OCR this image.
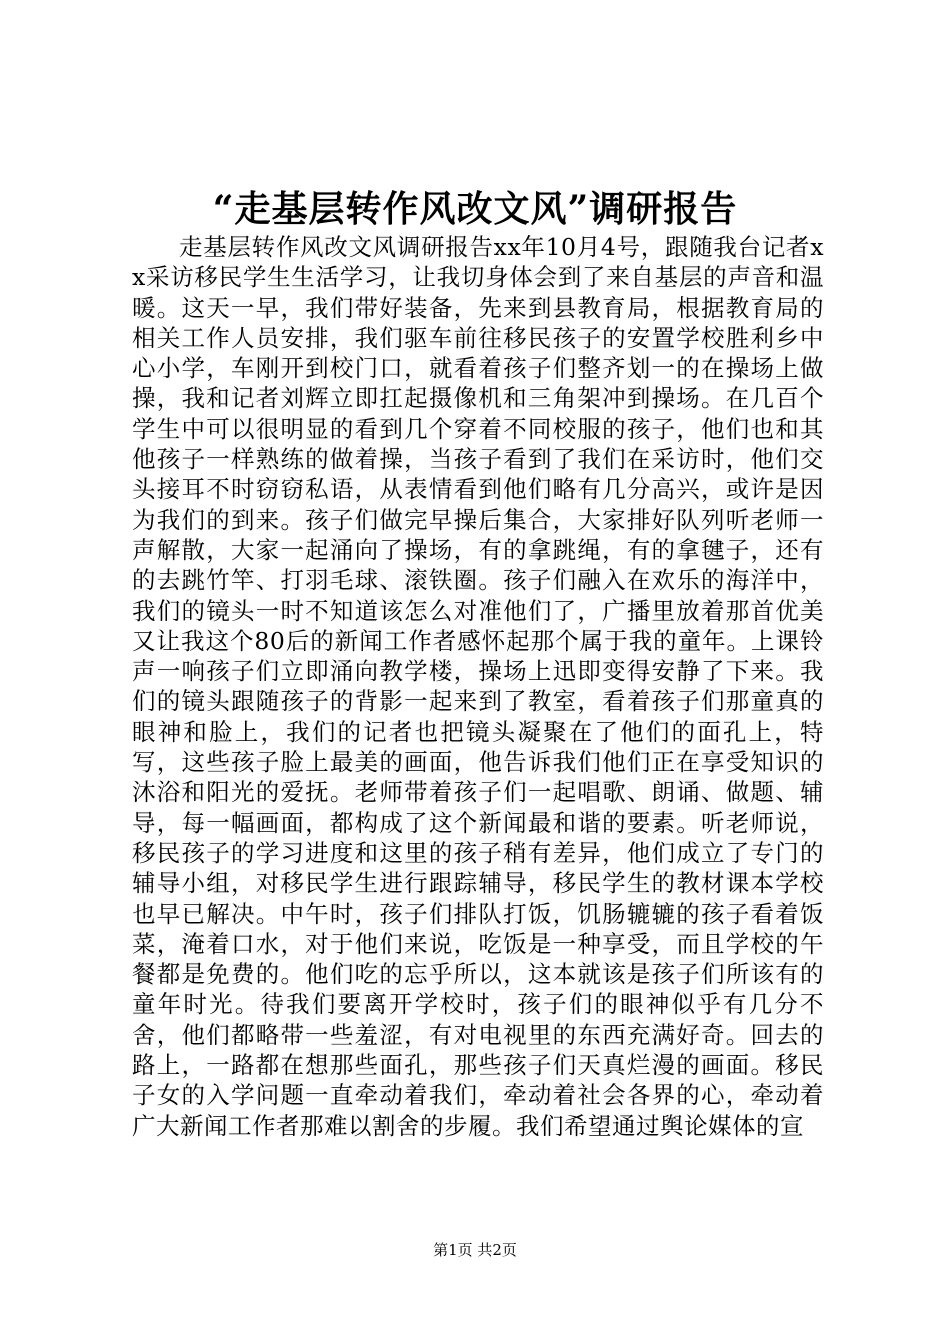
“走基层转作风改文风”调研报告

走基层转作风改文风调研报告xx年10月4号，跟随我台记者xx采访移民学生生活学习，让我切身体会到了来自基层的声音和温暖。这天一早，我们带好装备，先来到县教育局，根据教育局的相关工作人员安排，我们驱车前往移民孩子的安置学校胜利乡中心小学，车刚开到校门口，就看着孩子们整齐划一的在操场上做操，我和记者刘辉立即扛起摄像机和三角架冲到操场。在几百个学生中可以很明显的看到几个穿着不同校服的孩子，他们也和其他孩子一样熟练的做着操，当孩子看到了我们在采访时，他们交头接耳不时窃窃私语，从表情看到他们略有几分高兴，或许是因为我们的到来。孩子们做完早操后集合，大家排好队列听老师一声解散，大家一起涌向了操场，有的拿跳绳，有的拿毽子，还有的去跳竹竿、打羽毛球、滚铁圈。孩子们融入在欢乐的海洋中，我们的镜头一时不知道该怎么对准他们了，广播里放着那首优美又让我这个80后的新闻工作者感怀起那个属于我的童年。上课铃声一响孩子们立即涌向教学楼，操场上迅即变得安静了下来。我们的镜头跟随孩子的背影一起来到了教室，看着孩子们那童真的眼神和脸上，我们的记者也把镜头凝聚在了他们的面孔上，特写，这些孩子脸上最美的画面，他告诉我们他们正在享受知识的沐浴和阳光的爱抚。老师带着孩子们一起唱歌、朗诵、做题、辅导，每一幅画面，都构成了这个新闻最和谐的要素。听老师说，移民孩子的学习进度和这里的孩子稍有差异，他们成立了专门的辅导小组，对移民学生进行跟踪辅导，移民学生的教材课本学校也早已解决。中午时，孩子们排队打饭，饥肠辘辘的孩子看着饭菜，淹着口水，对于他们来说，吃饭是一种享受，而且学校的午餐都是免费的。他们吃的忘乎所以，这本就该是孩子们所该有的童年时光。待我们要离开学校时，孩子们的眼神似乎有几分不舍，他们都略带一些羞涩，有对电视里的东西充满好奇。回去的路上，一路都在想那些面孔，那些孩子们天真烂漫的画面。移民子女的入学问题一直牵动着我们，牵动着社会各界的心，牵动着广大新闻工作者那难以割舍的步履。我们希望通过舆论媒体的宣

第1页 共2页
